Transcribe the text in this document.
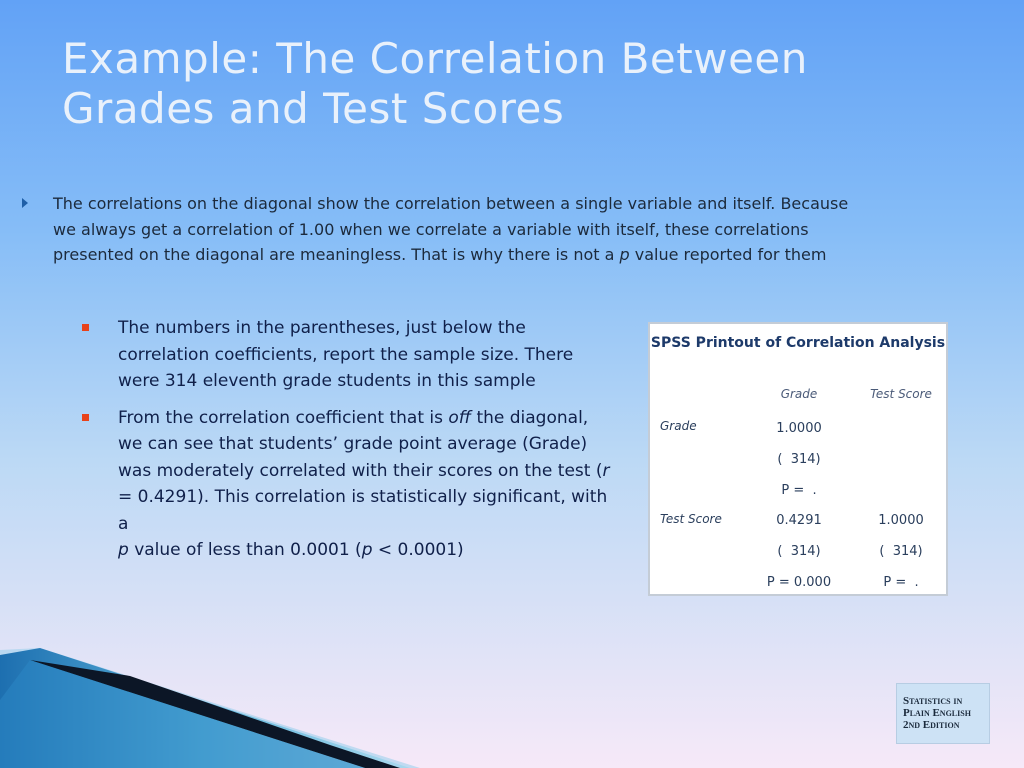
Example: The Correlation Between
Grades and Test Scores

The correlations on the diagonal show the correlation between a single variable and itself. Because we always get a correlation of 1.00 when we correlate a variable with itself, these correlations presented on the diagonal are meaningless. That is why there is not a p value reported for them

The numbers in the parentheses, just below the correlation coefficients, report the sample size. There were 314 eleventh grade students in this sample
From the correlation coefficient that is off the diagonal, we can see that students’ grade point average (Grade) was moderately correlated with their scores on the test (r = 0.4291). This correlation is statistically significant, with a
p value of less than 0.0001 (p < 0.0001)
SPSS Printout of Correlation Analysis
Grade	Test Score
Grade
Test Score
1.0000
(  314)
P =  .
0.4291
(  314)
P = 0.000
1.0000
(  314)
P =  .
Statistics in
Plain English
2nd Edition
